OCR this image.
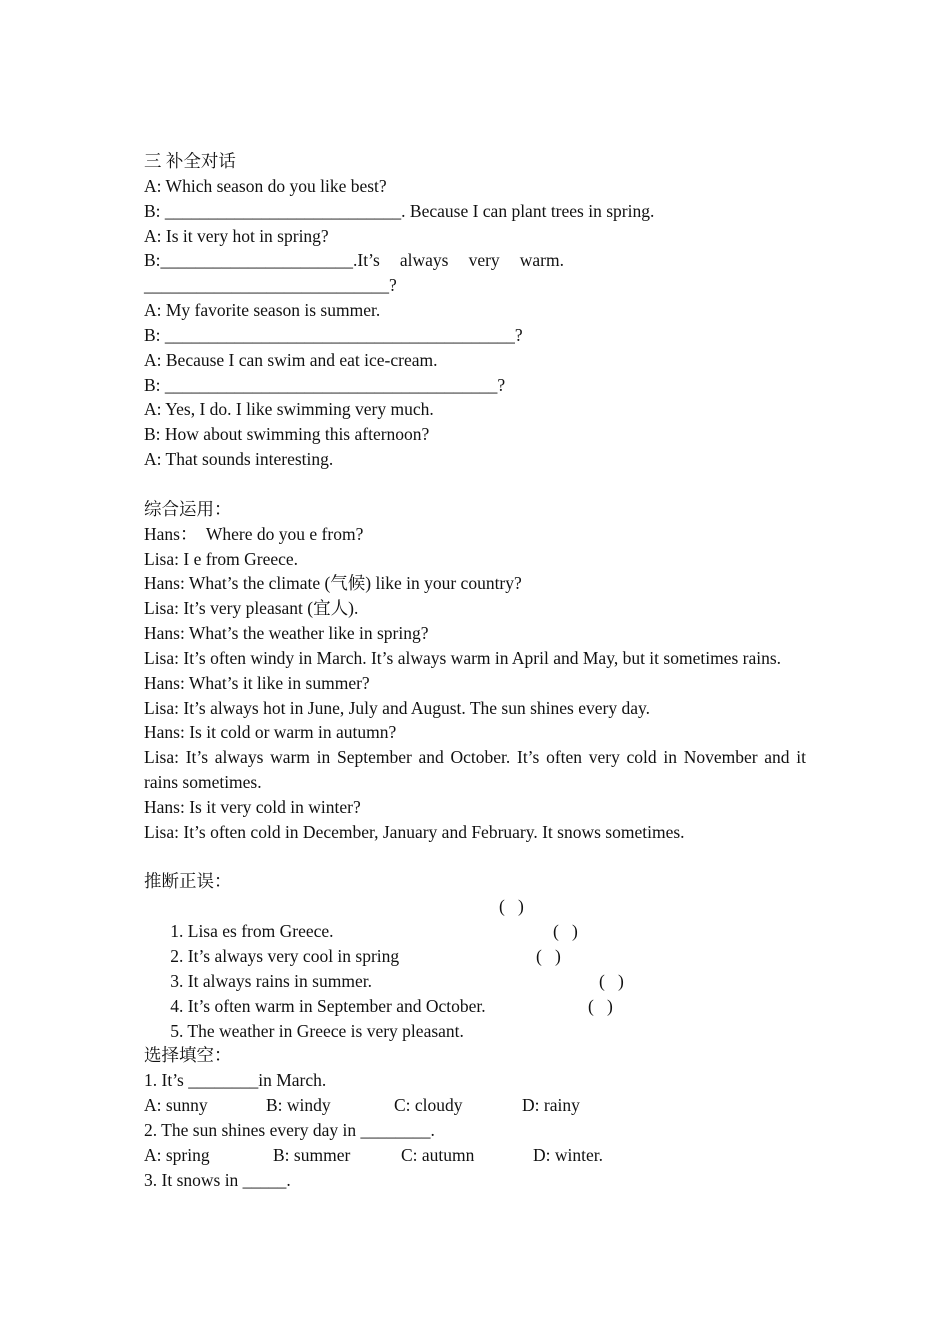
三 补全对话
A: Which season do you like best?
B: ___________________________. Because I can plant trees in spring.
A: Is it very hot in spring?
B:______________________.It’s always very warm. ____________________________?
A: My favorite season is summer.
B: ________________________________________?
A: Because I can swim and eat ice-cream.
B: ______________________________________?
A: Yes, I do. I like swimming very much.
B: How about swimming this afternoon?
A: That sounds interesting.
综合运用：
Hans：  Where do you e from?
Lisa: I e from Greece.
Hans: What’s the climate (气候) like in your country?
Lisa: It’s very pleasant (宜人).
Hans: What’s the weather like in spring?
Lisa: It’s often windy in March. It’s always warm in April and May, but it sometimes rains.
Hans: What’s it like in summer?
Lisa: It’s always hot in June, July and August. The sun shines every day.
Hans: Is it cold or warm in autumn?
Lisa: It’s always warm in September and October. It’s often very cold in November and it rains sometimes.
Hans: Is it very cold in winter?
Lisa: It’s often cold in December, January and February. It snows sometimes.
推断正误：

1. Lisa es from Greece.

(   )

2. It’s always very cool in spring

(   )

3. It always rains in summer.

(   )

4. It’s often warm in September and October.

(   )

5. The weather in Greece is very pleasant.

(   )

选择填空：
1. It’s ________in March.

A: sunny

	B: windy

	C: cloudy

	D: rainy

2. The sun shines every day in ________.

A: spring

	B: summer

	C: autumn

	D: winter.

3. It snows in _____.
